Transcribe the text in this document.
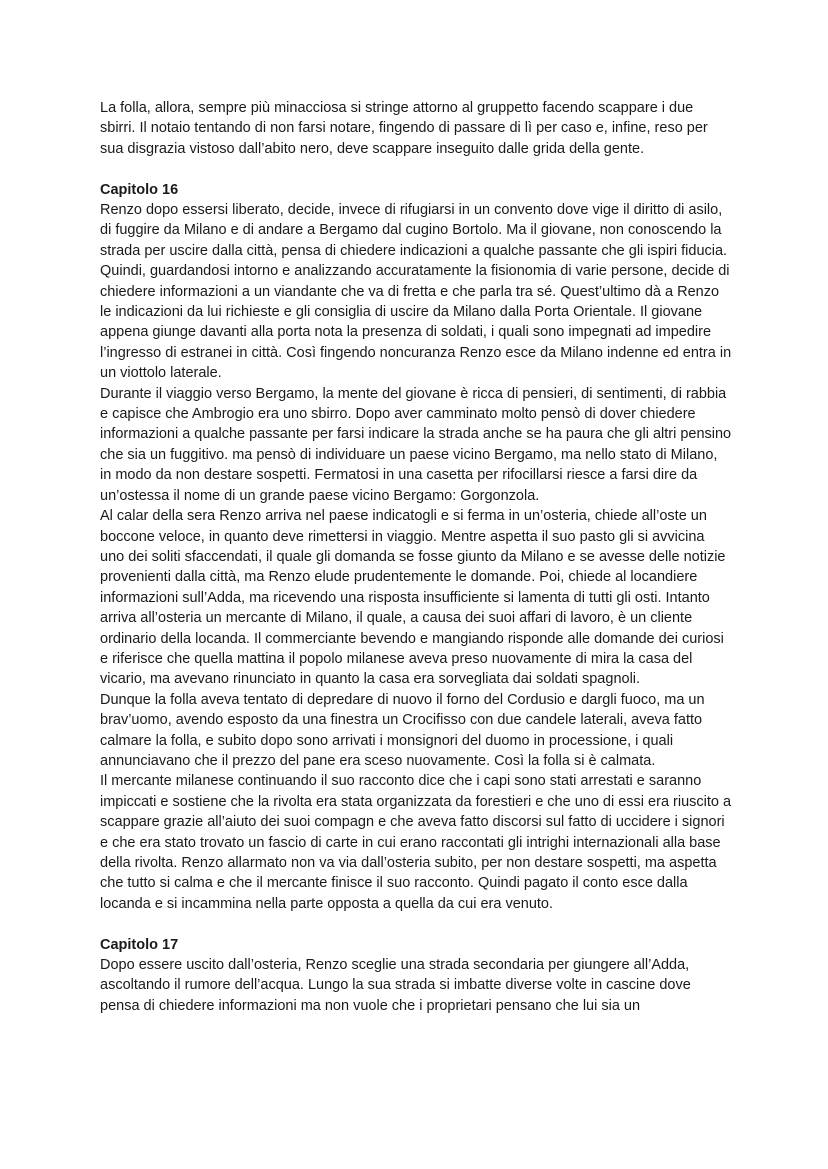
La folla, allora, sempre più minacciosa si stringe attorno al gruppetto facendo scappare i due sbirri. Il notaio tentando di non farsi notare, fingendo di passare di lì per caso e, infine, reso per sua disgrazia vistoso dall’abito nero, deve scappare inseguito dalle grida della gente.

Capitolo 16

Renzo dopo essersi liberato, decide, invece di rifugiarsi in un convento dove vige il diritto di asilo, di fuggire da Milano e di andare a Bergamo dal cugino Bortolo. Ma il giovane, non conoscendo la strada per uscire dalla città, pensa di chiedere indicazioni a qualche passante che gli ispiri fiducia. Quindi, guardandosi intorno e analizzando accuratamente la fisionomia di varie persone, decide di chiedere informazioni a un viandante che va di fretta e che parla tra sé. Quest’ultimo dà a Renzo le indicazioni da lui richieste e gli consiglia di uscire da Milano dalla Porta Orientale. Il giovane appena giunge davanti alla porta nota la presenza di soldati, i quali sono impegnati ad impedire l’ingresso di estranei in città. Così fingendo noncuranza Renzo esce da Milano indenne ed entra in un viottolo laterale.

Durante il viaggio verso Bergamo, la mente del giovane è ricca di pensieri, di sentimenti, di rabbia e capisce che Ambrogio era uno sbirro. Dopo aver camminato molto pensò di dover chiedere informazioni a qualche passante per farsi indicare la strada anche se ha paura che gli altri pensino che sia un fuggitivo. ma pensò di individuare un paese vicino Bergamo, ma nello stato di Milano, in modo da non destare sospetti. Fermatosi in una casetta per rifocillarsi riesce a farsi dire da un’ostessa il nome di un grande paese vicino Bergamo: Gorgonzola.

Al calar della sera Renzo arriva nel paese indicatogli e si ferma in un’osteria, chiede all’oste un boccone veloce, in quanto deve rimettersi in viaggio. Mentre aspetta il suo pasto gli si avvicina uno dei soliti sfaccendati, il quale gli domanda se fosse giunto da Milano e se avesse delle notizie provenienti dalla città, ma Renzo elude prudentemente le domande. Poi, chiede al locandiere informazioni sull’Adda, ma ricevendo una risposta insufficiente si lamenta di tutti gli osti. Intanto arriva all’osteria un mercante di Milano, il quale, a causa dei suoi affari di lavoro, è un cliente ordinario della locanda. Il commerciante bevendo e mangiando risponde alle domande dei curiosi e riferisce che quella mattina il popolo milanese aveva preso nuovamente di mira la casa del vicario, ma avevano rinunciato in quanto la casa era sorvegliata dai soldati spagnoli.

Dunque la folla aveva tentato di depredare di nuovo il forno del Cordusio e dargli fuoco, ma un brav’uomo, avendo esposto da una finestra un Crocifisso con due candele laterali, aveva fatto calmare la folla, e subito dopo sono arrivati i monsignori del duomo in processione, i quali annunciavano che il prezzo del pane era sceso nuovamente. Così la folla si è calmata.

Il mercante milanese continuando il suo racconto dice che i capi sono stati arrestati e saranno impiccati e sostiene che la rivolta era stata organizzata da forestieri e che uno di essi era riuscito a scappare grazie all’aiuto dei suoi compagn e che aveva fatto discorsi sul fatto di uccidere i signori e che era stato trovato un fascio di carte in cui erano raccontati gli intrighi internazionali alla base della rivolta. Renzo allarmato non va via dall’osteria subito, per non destare sospetti, ma aspetta che tutto si calma e che il mercante finisce il suo racconto. Quindi pagato il conto esce dalla locanda e si incammina nella parte opposta a quella da cui era venuto.

Capitolo 17

Dopo essere uscito dall’osteria, Renzo sceglie una strada secondaria per giungere all’Adda, ascoltando il rumore dell’acqua. Lungo la sua strada si imbatte diverse volte in cascine dove pensa di chiedere informazioni ma non vuole che i proprietari pensano che lui sia un
